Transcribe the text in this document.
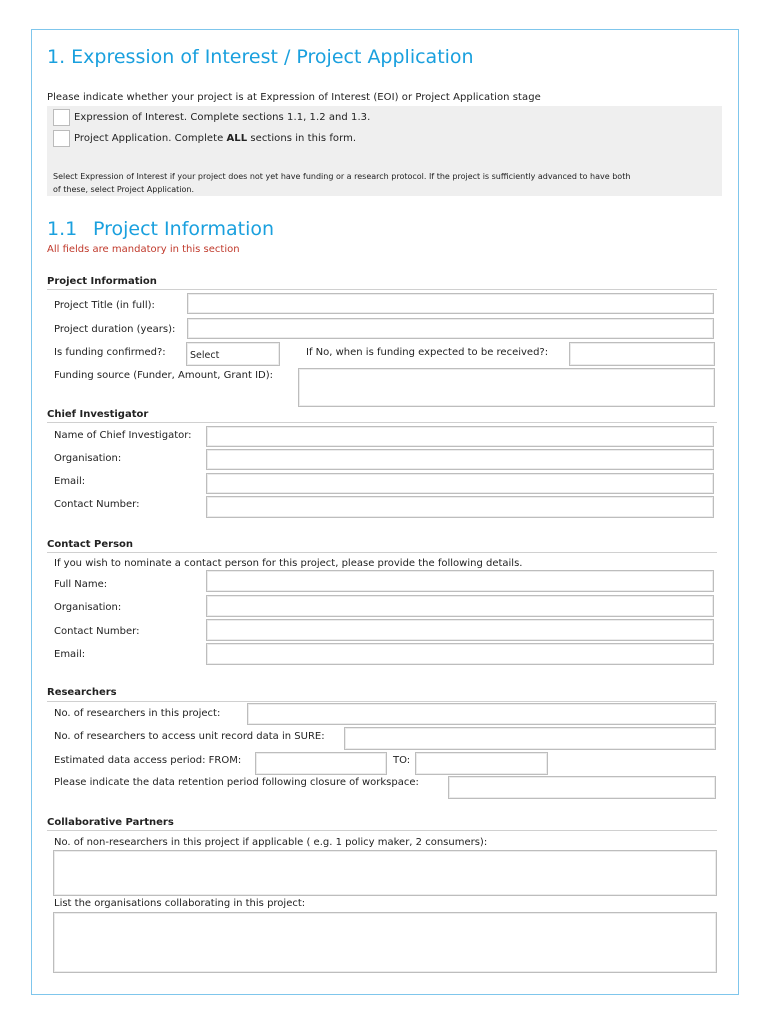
1. Expression of Interest / Project Application
Please indicate whether your project is at Expression of Interest (EOI) or Project Application stage
Expression of Interest. Complete sections 1.1, 1.2 and 1.3.
Project Application. Complete ALL sections in this form.
Select Expression of Interest if your project does not yet have funding or a research protocol. If the project is sufficiently advanced to have both
of these, select Project Application.
1.1 Project Information
All fields are mandatory in this section
Project Information
Project Title (in full):
Project duration (years):
Is funding confirmed?:	Select	If No, when is funding expected to be received?:
Funding source (Funder, Amount, Grant ID):
Chief Investigator
Name of Chief Investigator:
Organisation:
Email:
Contact Number:
Contact Person
If you wish to nominate a contact person for this project, please provide the following details.
Full Name:
Organisation:
Contact Number:
Email:
Researchers
No. of researchers in this project:
No. of researchers to access unit record data in SURE:
Estimated data access period: FROM:	TO:
Please indicate the data retention period following closure of workspace:
Collaborative Partners
No. of non-researchers in this project if applicable ( e.g. 1 policy maker, 2 consumers):
List the organisations collaborating in this project:
